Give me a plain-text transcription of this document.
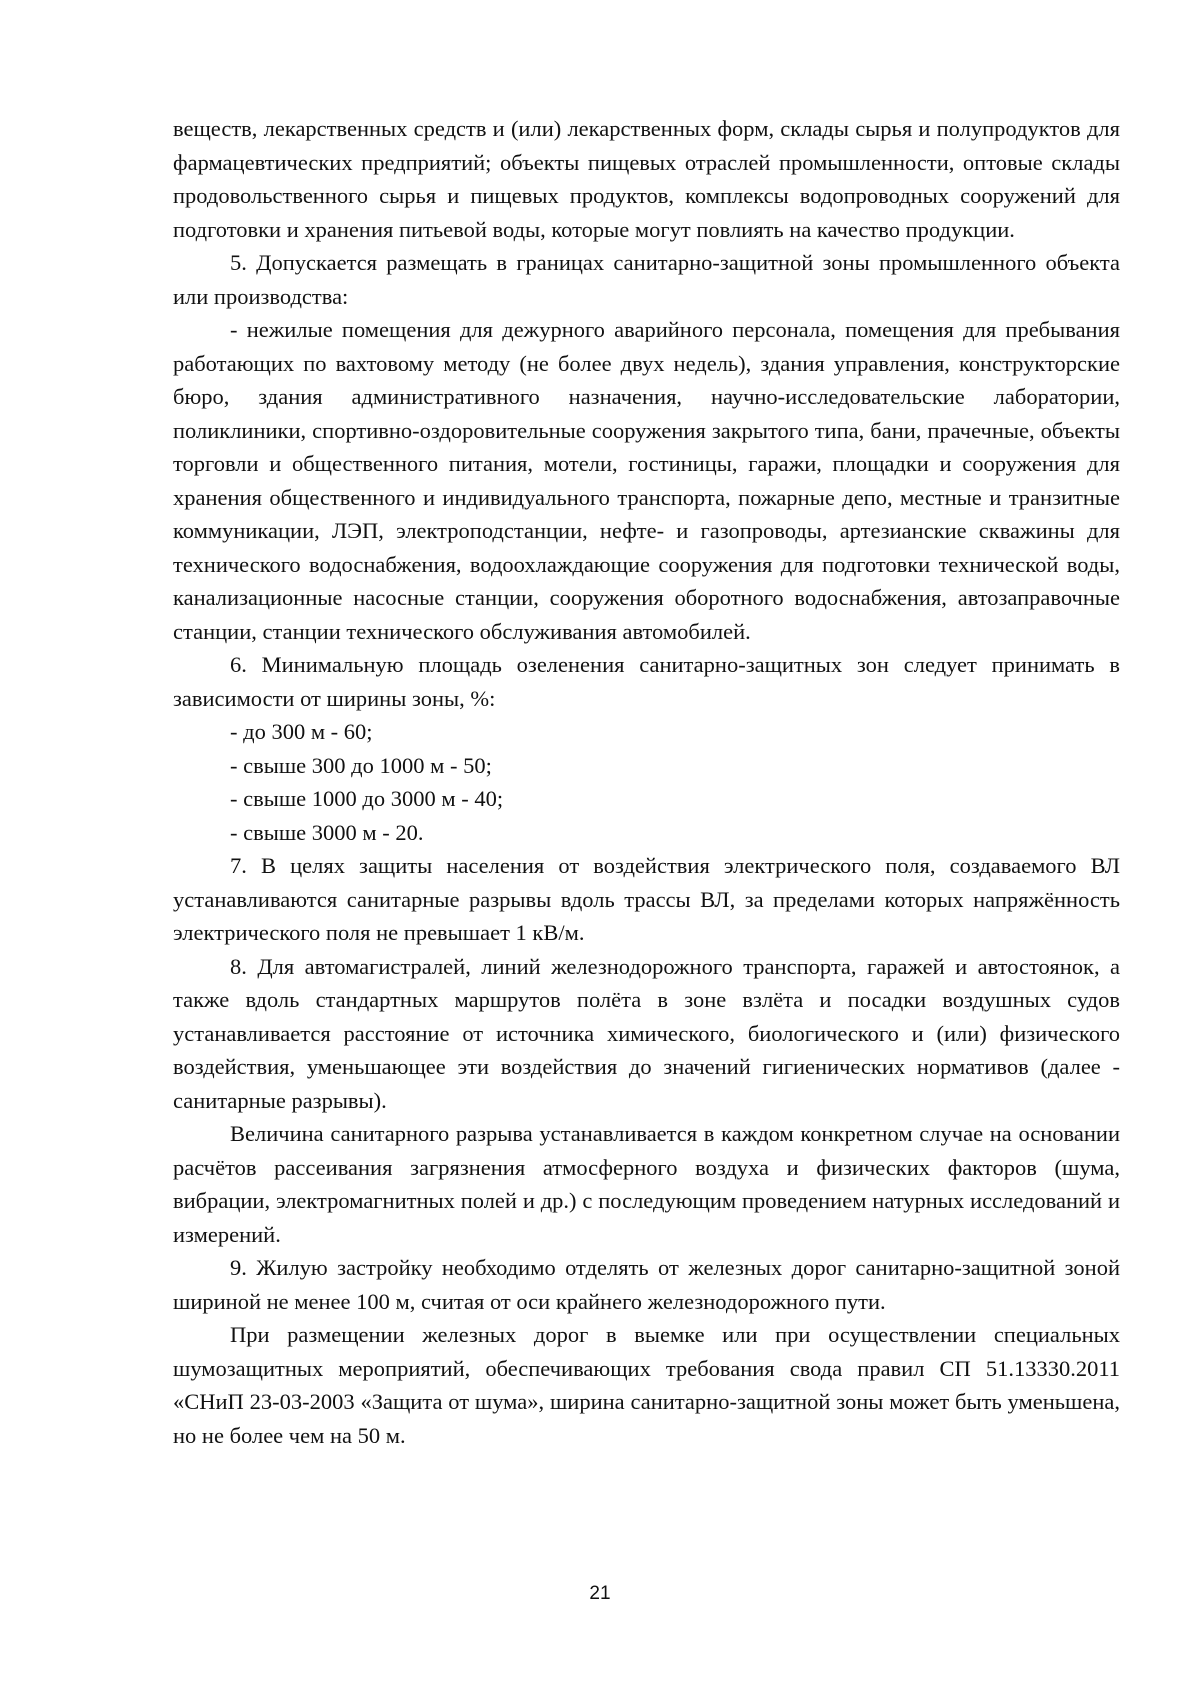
веществ, лекарственных средств и (или) лекарственных форм, склады сырья и полупродуктов для фармацевтических предприятий; объекты пищевых отраслей промышленности, оптовые склады продовольственного сырья и пищевых продуктов, комплексы водопроводных сооружений для подготовки и хранения питьевой воды, которые могут повлиять на качество продукции.

5. Допускается размещать в границах санитарно-защитной зоны промышленного объекта или производства:

- нежилые помещения для дежурного аварийного персонала, помещения для пребывания работающих по вахтовому методу (не более двух недель), здания управления, конструкторские бюро, здания административного назначения, научно-исследовательские лаборатории, поликлиники, спортивно-оздоровительные сооружения закрытого типа, бани, прачечные, объекты торговли и общественного питания, мотели, гостиницы, гаражи, площадки и сооружения для хранения общественного и индивидуального транспорта, пожарные депо, местные и транзитные коммуникации, ЛЭП, электроподстанции, нефте- и газопроводы, артезианские скважины для технического водоснабжения, водоохлаждающие сооружения для подготовки технической воды, канализационные насосные станции, сооружения оборотного водоснабжения, автозаправочные станции, станции технического обслуживания автомобилей.

6. Минимальную площадь озеленения санитарно-защитных зон следует принимать в зависимости от ширины зоны, %:

- до 300 м - 60;

- свыше 300 до 1000 м - 50;

- свыше 1000 до 3000 м - 40;

- свыше 3000 м - 20.

7. В целях защиты населения от воздействия электрического поля, создаваемого ВЛ устанавливаются санитарные разрывы вдоль трассы ВЛ, за пределами которых напряжённость электрического поля не превышает 1 кВ/м.

8. Для автомагистралей, линий железнодорожного транспорта, гаражей и автостоянок, а также вдоль стандартных маршрутов полёта в зоне взлёта и посадки воздушных судов устанавливается расстояние от источника химического, биологического и (или) физического воздействия, уменьшающее эти воздействия до значений гигиенических нормативов (далее - санитарные разрывы).

Величина санитарного разрыва устанавливается в каждом конкретном случае на основании расчётов рассеивания загрязнения атмосферного воздуха и физических факторов (шума, вибрации, электромагнитных полей и др.) с последующим проведением натурных исследований и измерений.

9. Жилую застройку необходимо отделять от железных дорог санитарно-защитной зоной шириной не менее 100 м, считая от оси крайнего железнодорожного пути.

При размещении железных дорог в выемке или при осуществлении специальных шумозащитных мероприятий, обеспечивающих требования свода правил СП 51.13330.2011 «СНиП 23-03-2003 «Защита от шума», ширина санитарно-защитной зоны может быть уменьшена, но не более чем на 50 м.

21
